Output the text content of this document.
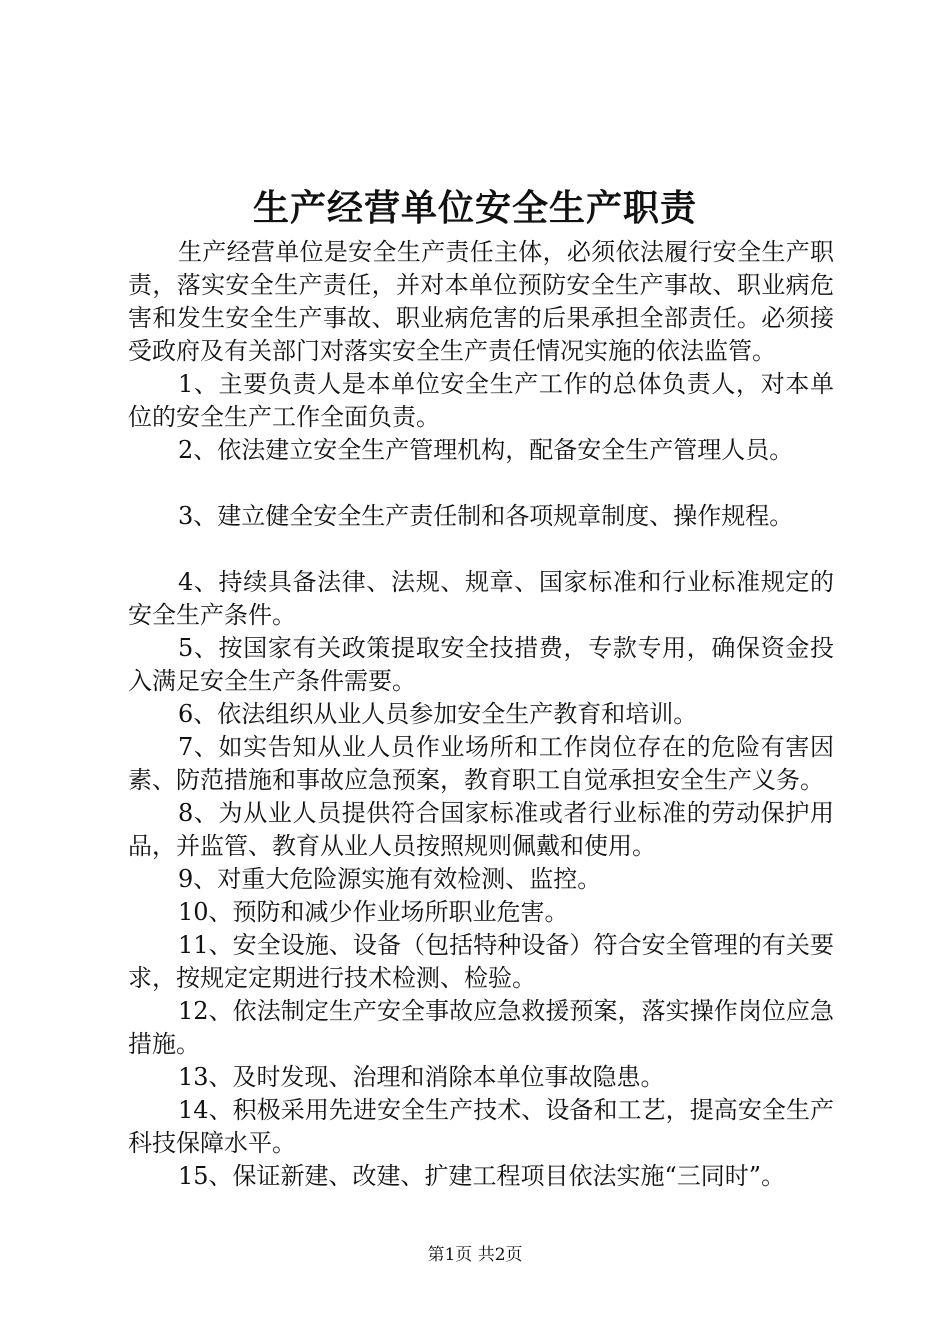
生产经营单位安全生产职责

生产经营单位是安全生产责任主体，必须依法履行安全生产职责，落实安全生产责任，并对本单位预防安全生产事故、职业病危害和发生安全生产事故、职业病危害的后果承担全部责任。必须接受政府及有关部门对落实安全生产责任情况实施的依法监管。

1、主要负责人是本单位安全生产工作的总体负责人，对本单位的安全生产工作全面负责。

2、依法建立安全生产管理机构，配备安全生产管理人员。

3、建立健全安全生产责任制和各项规章制度、操作规程。

4、持续具备法律、法规、规章、国家标准和行业标准规定的安全生产条件。

5、按国家有关政策提取安全技措费，专款专用，确保资金投入满足安全生产条件需要。

6、依法组织从业人员参加安全生产教育和培训。

7、如实告知从业人员作业场所和工作岗位存在的危险有害因素、防范措施和事故应急预案，教育职工自觉承担安全生产义务。

8、为从业人员提供符合国家标准或者行业标准的劳动保护用品，并监管、教育从业人员按照规则佩戴和使用。

9、对重大危险源实施有效检测、监控。

10、预防和减少作业场所职业危害。

11、安全设施、设备（包括特种设备）符合安全管理的有关要求，按规定定期进行技术检测、检验。

12、依法制定生产安全事故应急救援预案，落实操作岗位应急措施。

13、及时发现、治理和消除本单位事故隐患。

14、积极采用先进安全生产技术、设备和工艺，提高安全生产科技保障水平。

15、保证新建、改建、扩建工程项目依法实施“三同时”。

第1页 共2页
